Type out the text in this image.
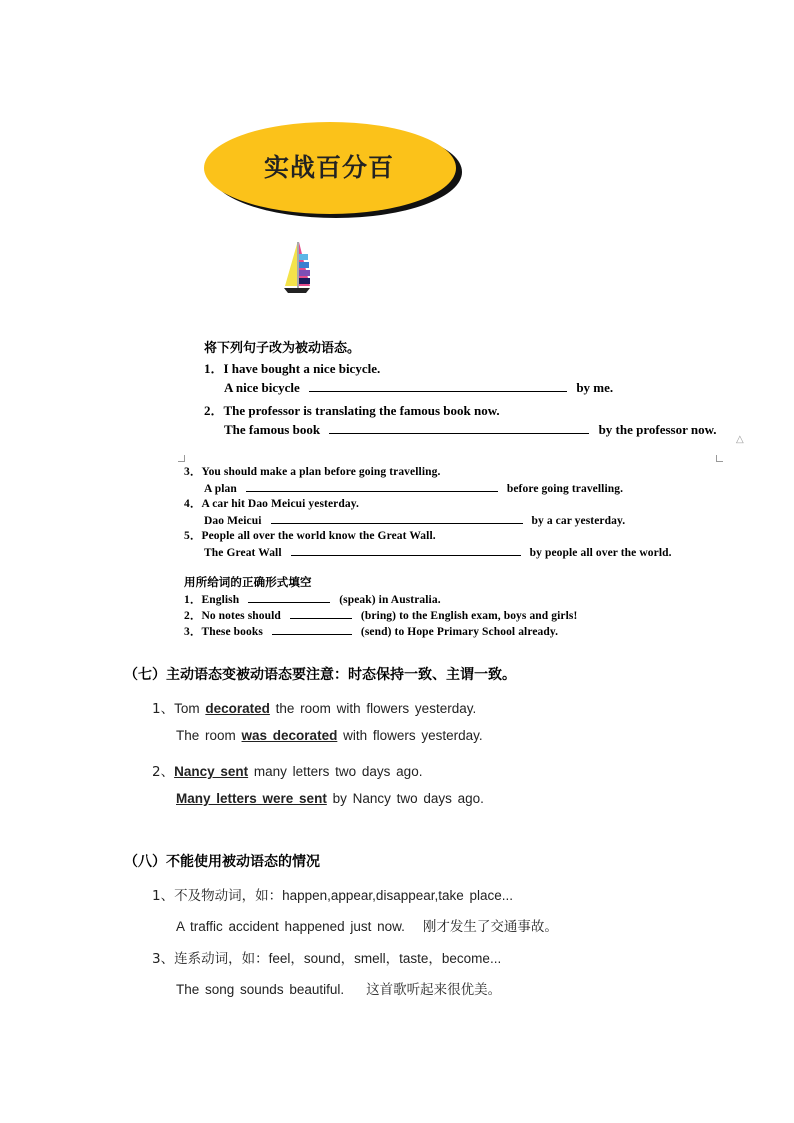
实战百分百
将下列句子改为被动语态。
1．I have bought a nice bicycle.
A nice bicycle	by me.
2．The professor is translating the famous book now.
The famous book	by the professor now.
△
3．You should make a plan before going travelling.
A plan	before going travelling.
4．A car hit Dao Meicui yesterday.
Dao Meicui	by a car yesterday.
5．People all over the world know the Great Wall.
The Great Wall	by people all over the world.
用所给词的正确形式填空
1．English	(speak) in Australia.
2．No notes should	(bring) to the English exam, boys and girls!
3．These books	(send) to Hope Primary School already.
（七）主动语态变被动语态要注意：时态保持一致、主谓一致。
1、Tom decorated the room with flowers yesterday.
The room was decorated with flowers yesterday.
2、Nancy sent many letters two days ago.
Many letters were sent by Nancy two days ago.
（八）不能使用被动语态的情况
1、不及物动词，如：happen,appear,disappear,take place...
A traffic accident happened just now. 刚才发生了交通事故。
3、连系动词，如：feel，sound，smell，taste，become...
The song sounds beautiful. 这首歌听起来很优美。
